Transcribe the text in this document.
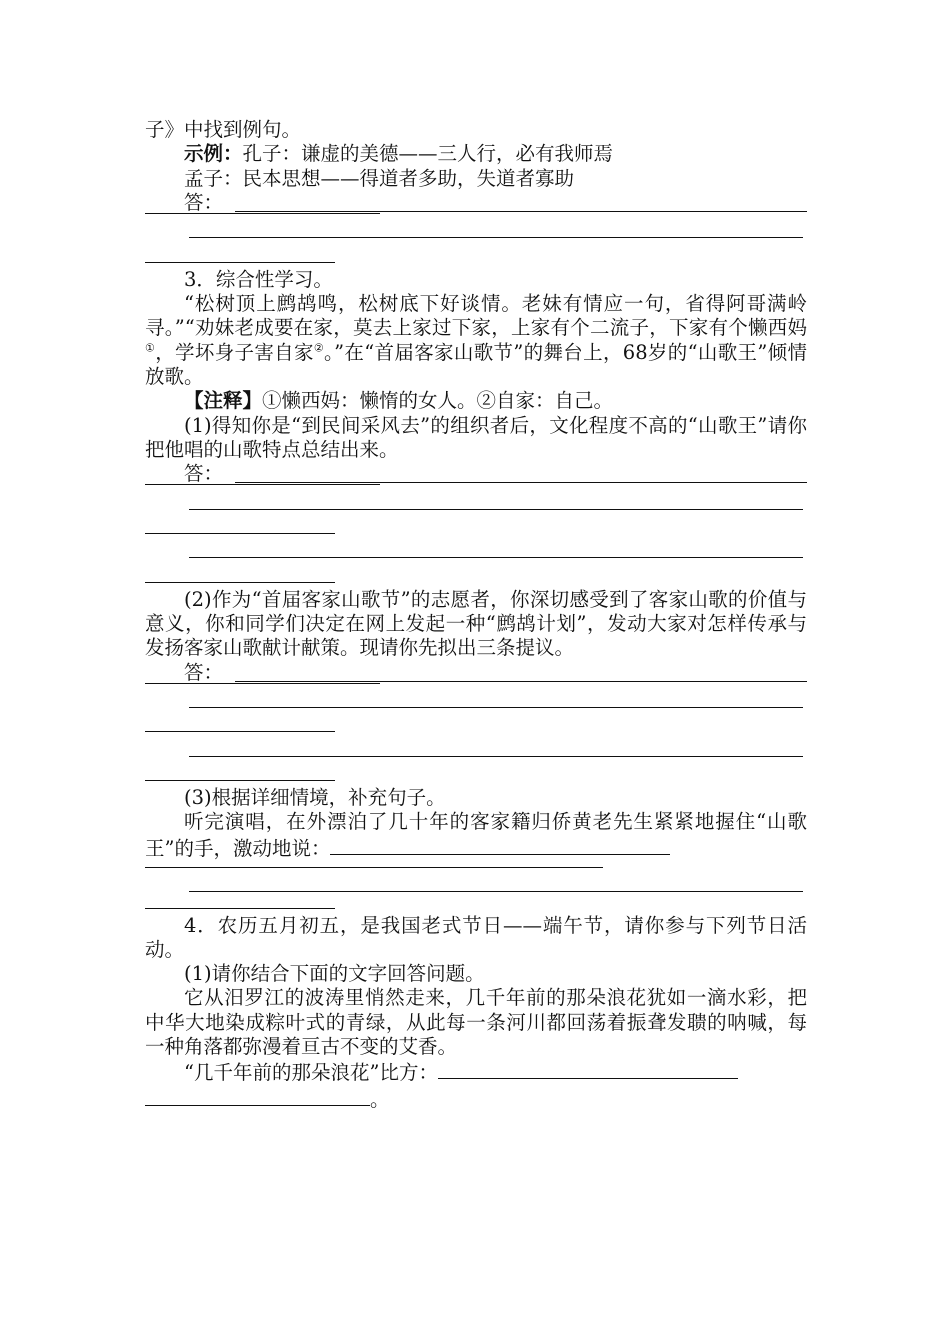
子》中找到例句。
示例：孔子：谦虚的美德——三人行，必有我师焉
孟子：民本思想——得道者多助，失道者寡助
答：
3．综合性学习。
“松树顶上鹧鸪鸣，松树底下好谈情。老妹有情应一句，省得阿哥满岭寻。”“劝妹老成要在家，莫去上家过下家，上家有个二流子，下家有个懒西妈①，学坏身子害自家②。”在“首届客家山歌节”的舞台上，68岁的“山歌王”倾情放歌。
【注释】①懒西妈：懒惰的女人。②自家：自己。
(1)得知你是“到民间采风去”的组织者后，文化程度不高的“山歌王”请你把他唱的山歌特点总结出来。
答：
(2)作为“首届客家山歌节”的志愿者，你深切感受到了客家山歌的价值与意义，你和同学们决定在网上发起一种“鹧鸪计划”，发动大家对怎样传承与发扬客家山歌献计献策。现请你先拟出三条提议。
答：
(3)根据详细情境，补充句子。
听完演唱，在外漂泊了几十年的客家籍归侨黄老先生紧紧地握住“山歌王”的手，激动地说：
4．农历五月初五，是我国老式节日——端午节，请你参与下列节日活动。
(1)请你结合下面的文字回答问题。
它从汨罗江的波涛里悄然走来，几千年前的那朵浪花犹如一滴水彩，把中华大地染成粽叶式的青绿，从此每一条河川都回荡着振聋发聩的呐喊，每一种角落都弥漫着亘古不变的艾香。
“几千年前的那朵浪花”比方：
。
